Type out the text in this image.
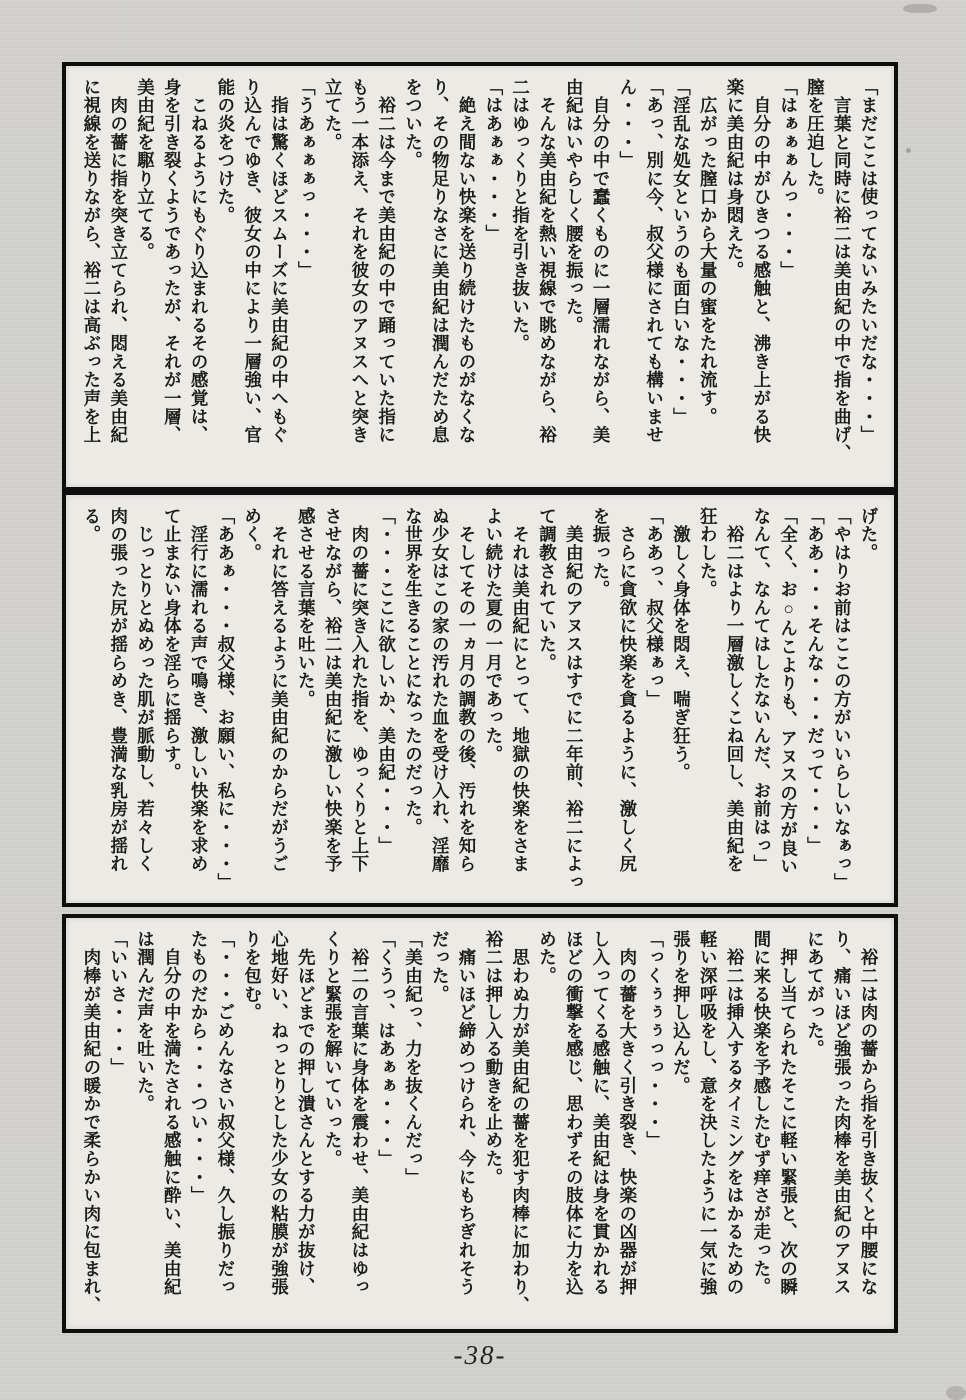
「まだここは使ってないみたいだな・・・」
　言葉と同時に裕二は美由紀の中で指を曲げ、
膣を圧迫した。
「はぁぁぁんっ・・・」
　自分の中がひきつる感触と、沸き上がる快
楽に美由紀は身悶えた。
　広がった膣口から大量の蜜をたれ流す。
「淫乱な処女というのも面白いな・・・」
「あっ、別に今、叔父様にされても構いませ
ん・・・」
　自分の中で蠢くものに一層濡れながら、美
由紀はいやらしく腰を振った。
　そんな美由紀を熱い視線で眺めながら、裕
二はゆっくりと指を引き抜いた。
「はあぁぁ・・・」
　絶え間ない快楽を送り続けたものがなくな
り、その物足りなさに美由紀は潤んだため息
をついた。
　裕二は今まで美由紀の中で踊っていた指に
もう一本添え、それを彼女のアヌスへと突き
立てた。
「うあぁぁぁっ・・・」
　指は驚くほどスムーズに美由紀の中へもぐ
り込んでゆき、彼女の中により一層強い、官
能の炎をつけた。
　こねるようにもぐり込まれるその感覚は、
身を引き裂くようであったが、それが一層、
美由紀を駆り立てる。
　肉の薔に指を突き立てられ、悶える美由紀
に視線を送りながら、裕二は高ぶった声を上
げた。
「やはりお前はここの方がいいらしいなぁっ」
「ああ・・・そんな・・・だって・・・」
「全く、お○んこよりも、アヌスの方が良い
なんて、なんてはしたないんだ、お前はっ」
　裕二はより一層激しくこね回し、美由紀を
狂わした。
　激しく身体を悶え、喘ぎ狂う。
「ああっ、叔父様ぁっ」
　さらに貪欲に快楽を貪るように、激しく尻
を振った。
　美由紀のアヌスはすでに二年前、裕二によっ
て調教されていた。
　それは美由紀にとって、地獄の快楽をさま
よい続けた夏の一月であった。
　そしてその一ヵ月の調教の後、汚れを知ら
ぬ少女はこの家の汚れた血を受け入れ、淫靡
な世界を生きることになったのだった。
「・・・ここに欲しいか、美由紀・・・」
　肉の薔に突き入れた指を、ゆっくりと上下
させながら、裕二は美由紀に激しい快楽を予
感させる言葉を吐いた。
　それに答えるように美由紀のからだがうご
めく。
「ああぁ・・・叔父様、お願い、私に・・・」
　淫行に濡れる声で鳴き、激しい快楽を求め
て止まない身体を淫らに揺らす。
　じっとりとぬめった肌が脈動し、若々しく
肉の張った尻が揺らめき、豊満な乳房が揺れ
る。
　裕二は肉の薔から指を引き抜くと中腰にな
り、痛いほど強張った肉棒を美由紀のアヌス
にあてがった。
　押し当てられたそこに軽い緊張と、次の瞬
間に来る快楽を予感したむず痒さが走った。
　裕二は挿入するタイミングをはかるための
軽い深呼吸をし、意を決したように一気に強
張りを押し込んだ。
「っくぅぅぅっっ・・・」
　肉の薔を大きく引き裂き、快楽の凶器が押
し入ってくる感触に、美由紀は身を貫かれる
ほどの衝撃を感じ、思わずその肢体に力を込
めた。
　思わぬ力が美由紀の薔を犯す肉棒に加わり、
裕二は押し入る動きを止めた。
　痛いほど締めつけられ、今にもちぎれそう
だった。
「美由紀っ、力を抜くんだっ」
「くうっ、はあぁぁ・・・」
　裕二の言葉に身体を震わせ、美由紀はゆっ
くりと緊張を解いていった。
　先ほどまでの押し潰さんとする力が抜け、
心地好い、ねっとりとした少女の粘膜が強張
りを包む。
「・・・ごめんなさい叔父様、久し振りだっ
たものだから・・・つい・・・」
　自分の中を満たされる感触に酔い、美由紀
は潤んだ声を吐いた。
「いいさ・・・」
　肉棒が美由紀の暖かで柔らかい肉に包まれ、
-38-
